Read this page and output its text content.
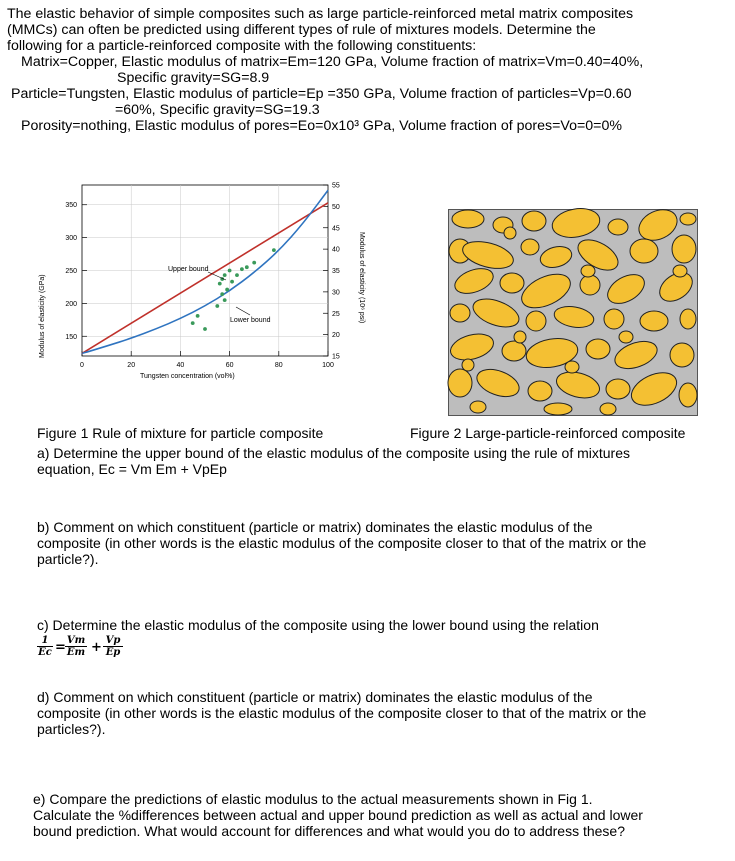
The elastic behavior of simple composites such as large particle-reinforced metal matrix composites
(MMCs) can often be predicted using different types of rule of mixtures models. Determine the
following for a particle-reinforced composite with the following constituents:
Matrix=Copper, Elastic modulus of matrix=Em=120 GPa, Volume fraction of matrix=Vm=0.40=40%,
Specific gravity=SG=8.9
Particle=Tungsten, Elastic modulus of particle=Ep =350 GPa, Volume fraction of particles=Vp=0.60
=60%, Specific gravity=SG=19.3
Porosity=nothing, Elastic modulus of pores=Eo=0x10³ GPa, Volume fraction of pores=Vo=0=0%
0	20	40	60	80	100
150
200
250
300
350
15
20
25
30
35
40
45
50
55
Upper bound
Lower bound
Tungsten concentration (vol%)
Modulus of elasticity (GPa)	Modulus of elasticity (10⁶ psi)
Figure 1 Rule of mixture for particle composite	Figure 2 Large-particle-reinforced composite
a) Determine the upper bound of the elastic modulus of the composite using the rule of mixtures
equation, Ec = Vm Em + VpEp
b) Comment on which constituent (particle or matrix) dominates the elastic modulus of the
composite (in other words is the elastic modulus of the composite closer to that of the matrix or the
particle?).
c) Determine the elastic modulus of the composite using the lower bound using the relation
$\frac{1}{Ec} = \frac{Vm}{Em} + \frac{Vp}{Ep}$
d) Comment on which constituent (particle or matrix) dominates the elastic modulus of the
composite (in other words is the elastic modulus of the composite closer to that of the matrix or the
particles?).
e) Compare the predictions of elastic modulus to the actual measurements shown in Fig 1.
Calculate the %differences between actual and upper bound prediction as well as actual and lower
bound prediction. What would account for differences and what would you do to address these?
